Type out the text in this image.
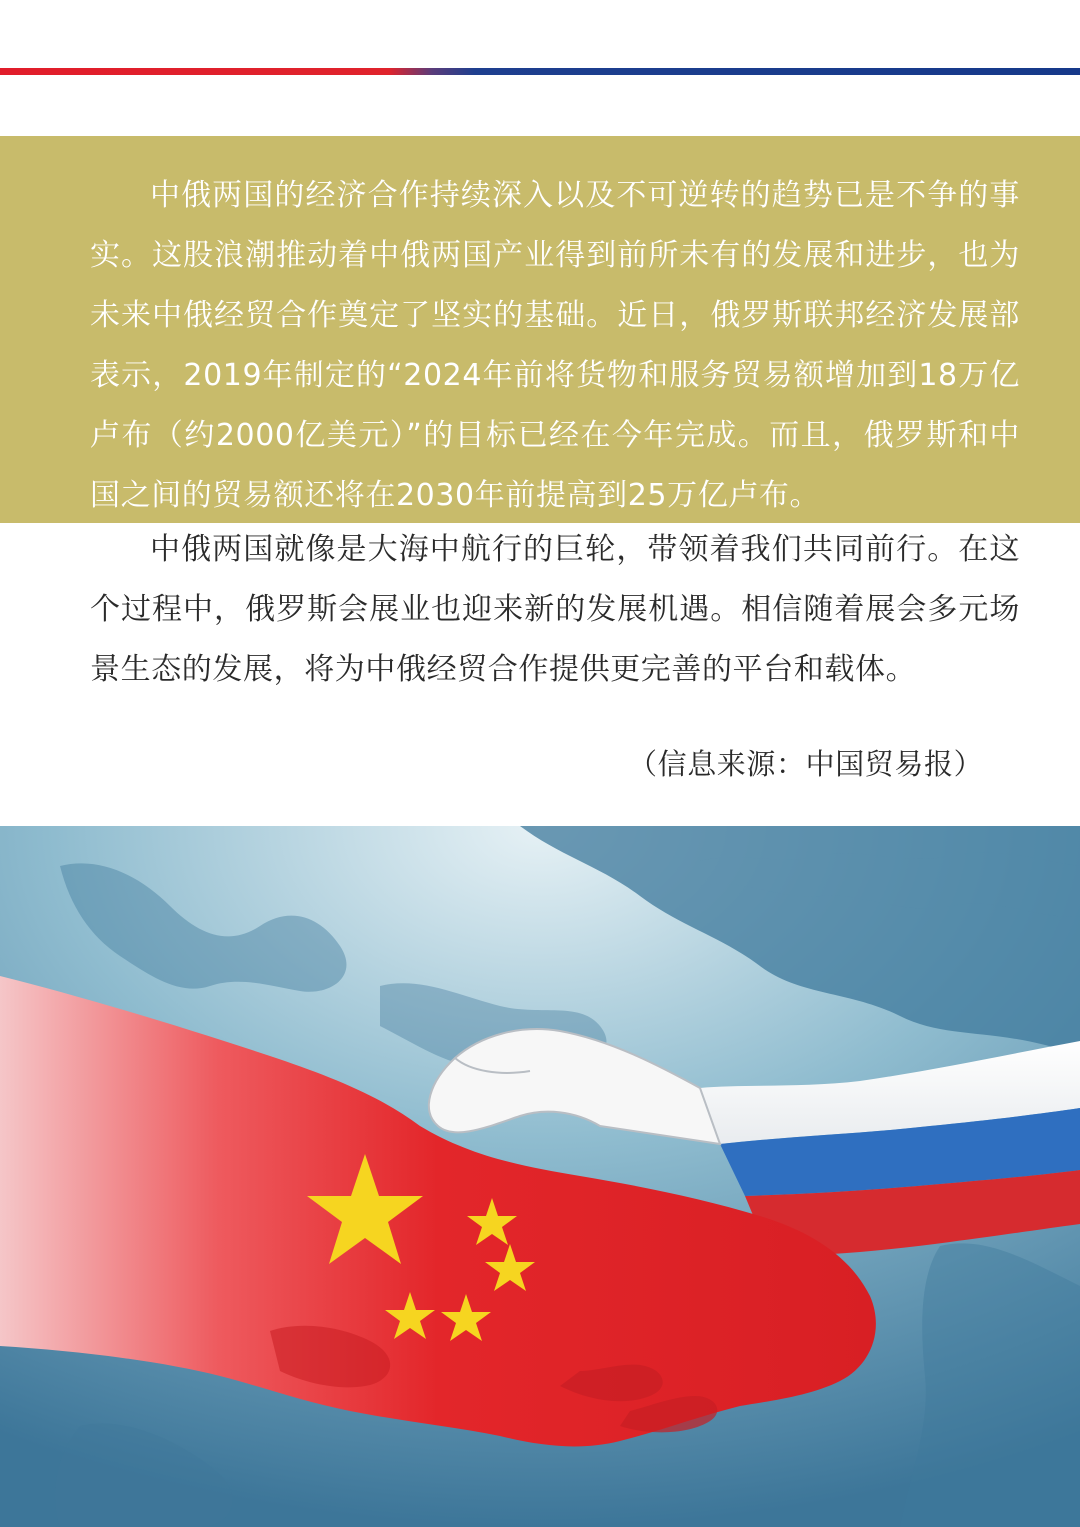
中俄两国的经济合作持续深入以及不可逆转的趋势已是不争的事实。这股浪潮推动着中俄两国产业得到前所未有的发展和进步，也为未来中俄经贸合作奠定了坚实的基础。近日，俄罗斯联邦经济发展部表示，2019年制定的“2024年前将货物和服务贸易额增加到18万亿卢布（约2000亿美元）”的目标已经在今年完成。而且，俄罗斯和中国之间的贸易额还将在2030年前提高到25万亿卢布。

中俄两国就像是大海中航行的巨轮，带领着我们共同前行。在这个过程中，俄罗斯会展业也迎来新的发展机遇。相信随着展会多元场景生态的发展，将为中俄经贸合作提供更完善的平台和载体。

（信息来源：中国贸易报）
